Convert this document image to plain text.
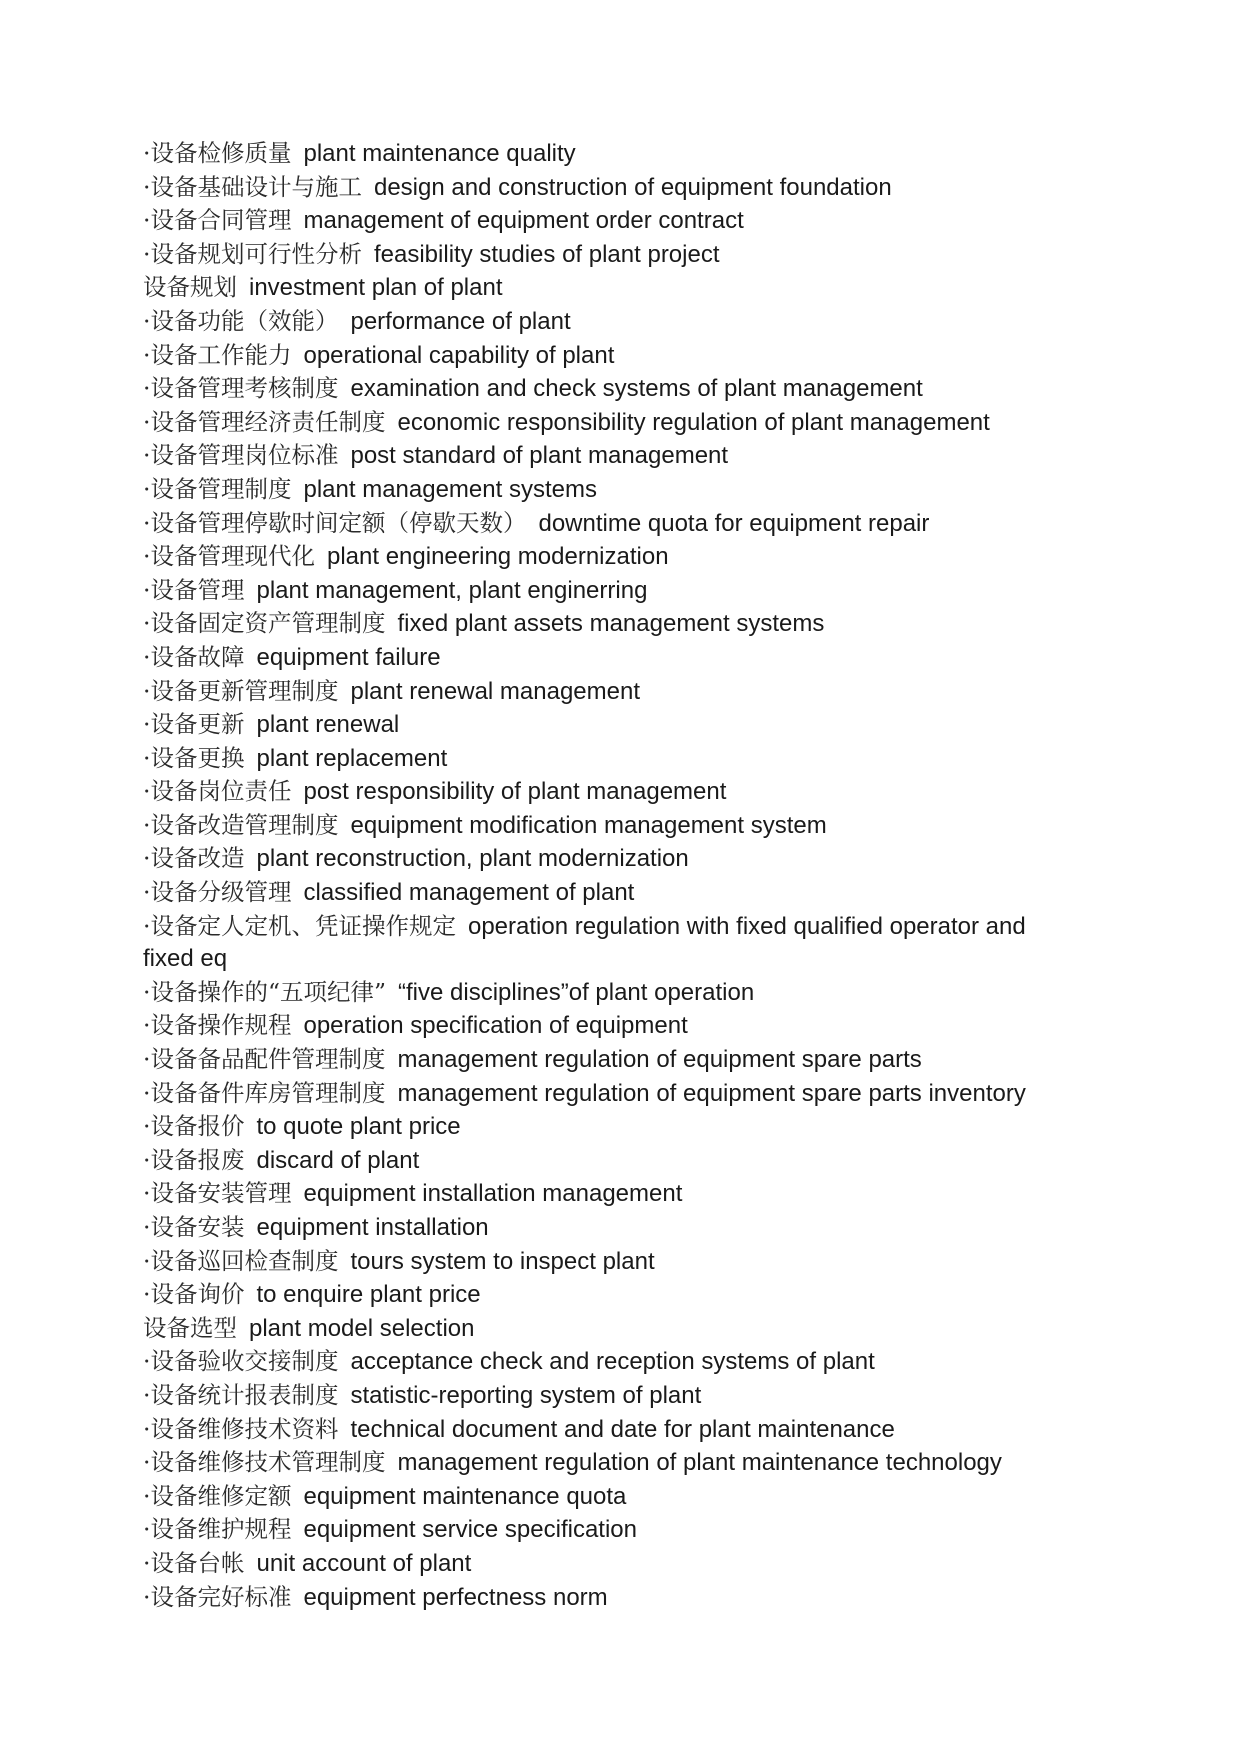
·设备检修质量 plant maintenance quality

·设备基础设计与施工 design and construction of equipment foundation

·设备合同管理 management of equipment order contract

·设备规划可行性分析 feasibility studies of plant project

设备规划 investment plan of plant

·设备功能（效能） performance of plant

·设备工作能力 operational capability of plant

·设备管理考核制度 examination and check systems of plant management

·设备管理经济责任制度 economic responsibility regulation of plant management

·设备管理岗位标准 post standard of plant management

·设备管理制度 plant management systems

·设备管理停歇时间定额（停歇天数） downtime quota for equipment repair

·设备管理现代化 plant engineering modernization

·设备管理 plant management, plant enginerring

·设备固定资产管理制度 fixed plant assets management systems

·设备故障 equipment failure

·设备更新管理制度 plant renewal management

·设备更新 plant renewal

·设备更换 plant replacement

·设备岗位责任 post responsibility of plant management

·设备改造管理制度 equipment modification management system

·设备改造 plant reconstruction, plant modernization

·设备分级管理 classified management of plant

·设备定人定机、凭证操作规定 operation regulation with fixed qualified operator and fixed eq

·设备操作的“五项纪律” “five disciplines”of plant operation

·设备操作规程 operation specification of equipment

·设备备品配件管理制度 management regulation of equipment spare parts

·设备备件库房管理制度 management regulation of equipment spare parts inventory

·设备报价 to quote plant price

·设备报废 discard of plant

·设备安装管理 equipment installation management

·设备安装 equipment installation

·设备巡回检查制度 tours system to inspect plant

·设备询价 to enquire plant price

设备选型 plant model selection

·设备验收交接制度 acceptance check and reception systems of plant

·设备统计报表制度 statistic-reporting system of plant

·设备维修技术资料 technical document and date for plant maintenance

·设备维修技术管理制度 management regulation of plant maintenance technology

·设备维修定额 equipment maintenance quota

·设备维护规程 equipment service specification

·设备台帐 unit account of plant

·设备完好标准 equipment perfectness norm
